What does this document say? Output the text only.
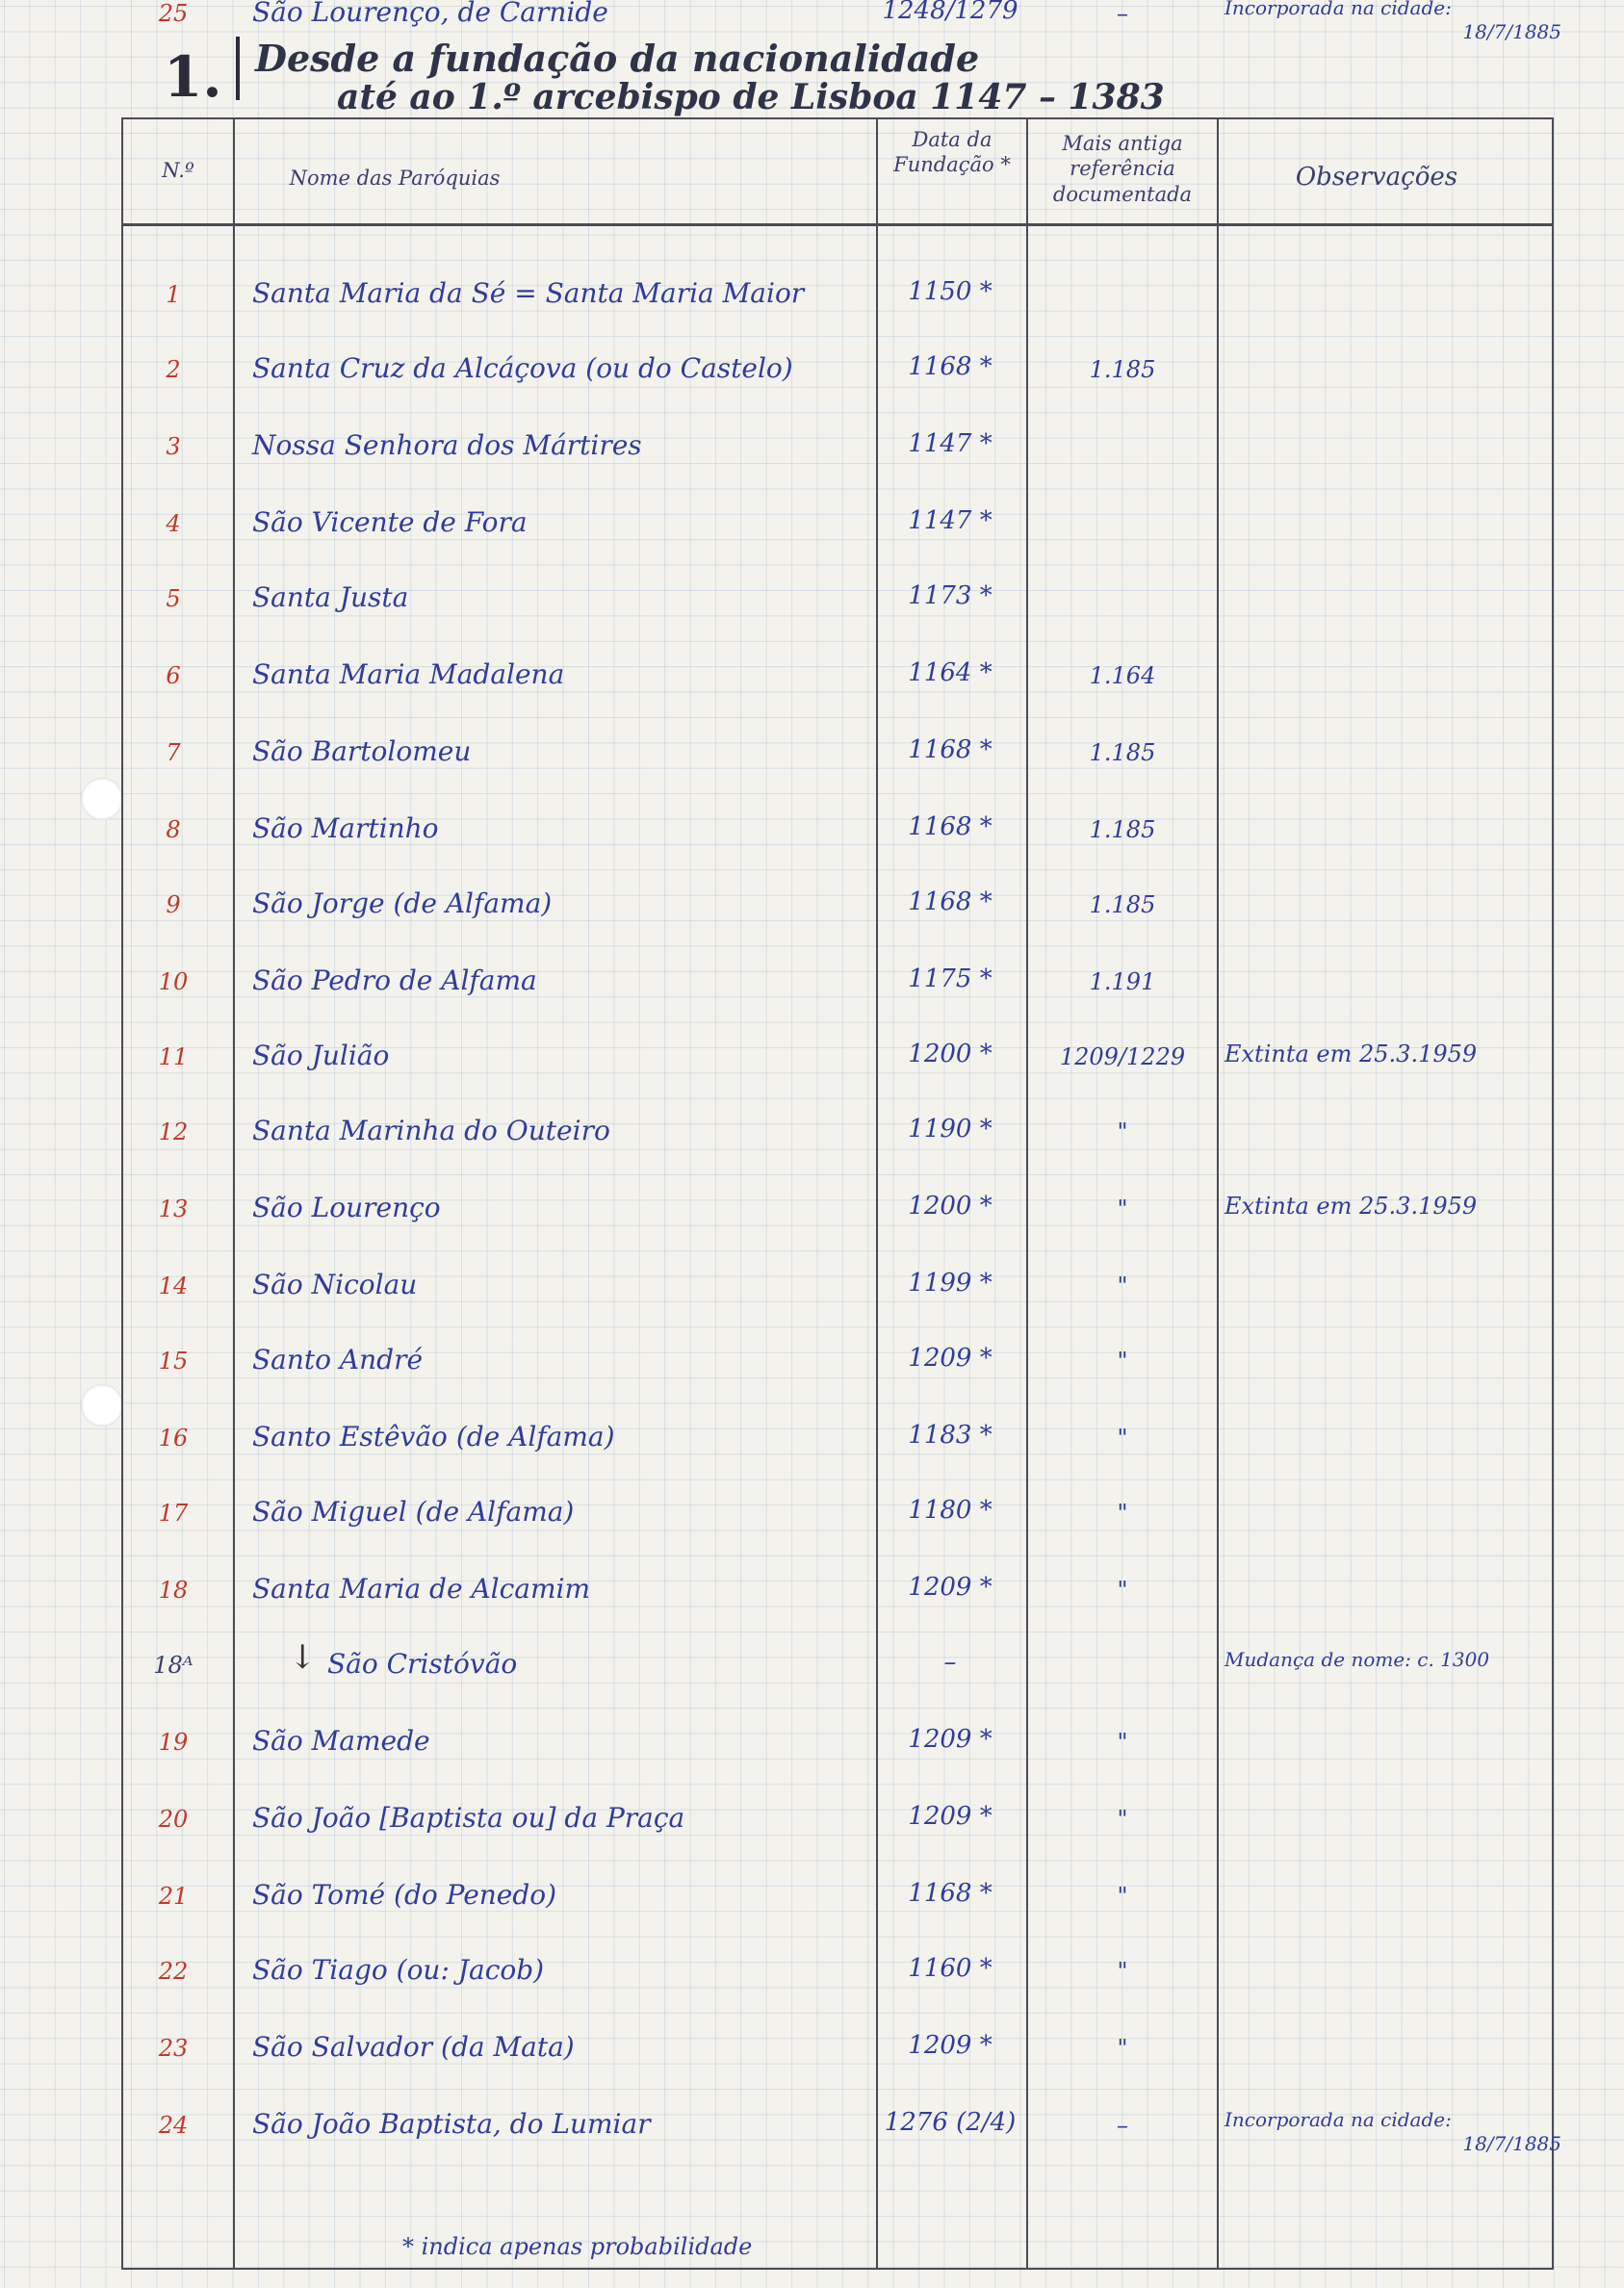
1. Desde a fundação da nacionalidade
até ao 1.º arcebispo de Lisboa 1147 – 1383
N.º	Nome das Paróquias
Data da Fundação *
Mais antiga referência documentada
Observações
1	Santa Maria da Sé = Santa Maria Maior	1150 *
2	Santa Cruz da Alcáçova (ou do Castelo)	1168 *	1.185
3	Nossa Senhora dos Mártires	1147 *
4	São Vicente de Fora	1147 *
5	Santa Justa	1173 *
6	Santa Maria Madalena	1164 *	1.164
7	São Bartolomeu	1168 *	1.185
8	São Martinho	1168 *	1.185
9	São Jorge (de Alfama)	1168 *	1.185
10	São Pedro de Alfama	1175 *	1.191
11	São Julião	1200 *	1209/1229	Extinta em 25.3.1959
12	Santa Marinha do Outeiro	1190 *	"
13	São Lourenço	1200 *	"	Extinta em 25.3.1959
14	São Nicolau	1199 *	"
15	Santo André	1209 *	"
16	Santo Estêvão (de Alfama)	1183 *	"
17	São Miguel (de Alfama)	1180 *	"
18	Santa Maria de Alcamim	1209 *	"
18ᴬ	São Cristóvão
↓	–	Mudança de nome: c. 1300
19	São Mamede	1209 *	"
20	São João [Baptista ou] da Praça	1209 *	"
21	São Tomé (do Penedo)	1168 *	"
22	São Tiago (ou: Jacob)	1160 *	"
23	São Salvador (da Mata)	1209 *	"
24	São João Baptista, do Lumiar	1276 (2/4)	–	Incorporada na cidade:
18/7/1885
25	São Lourenço, de Carnide	1248/1279	–	Incorporada na cidade:
18/7/1885
* indica apenas probabilidade
